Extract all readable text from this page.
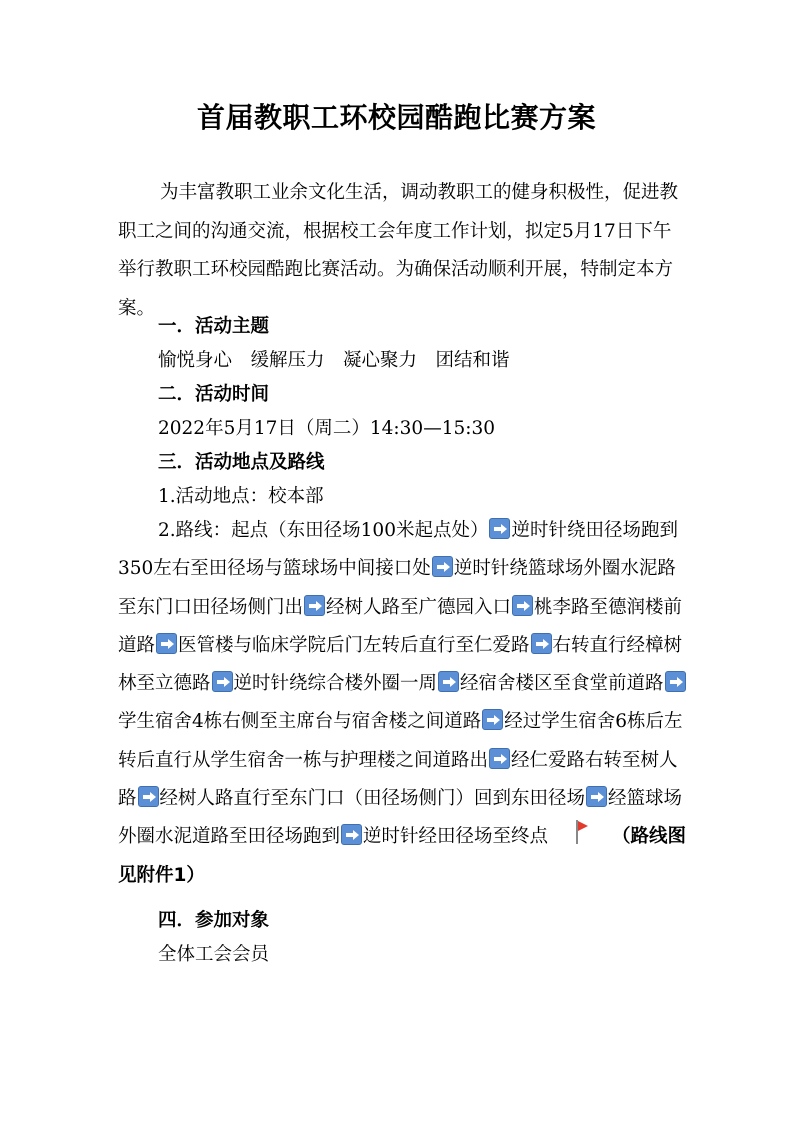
首届教职工环校园酷跑比赛方案

为丰富教职工业余文化生活，调动教职工的健身积极性，促进教职工之间的沟通交流，根据校工会年度工作计划，拟定5月17日下午举行教职工环校园酷跑比赛活动。为确保活动顺利开展，特制定本方案。

一．活动主题
愉悦身心　缓解压力　凝心聚力　团结和谐
二．活动时间
2022年5月17日（周二）14:30—15:30
三．活动地点及路线
1.活动地点：校本部

2.路线：起点（东田径场100米起点处） 逆时针绕田径场跑到350左右至田径场与篮球场中间接口处 逆时针绕篮球场外圈水泥路至东门口田径场侧门出 经树人路至广德园入口 桃李路至德润楼前道路 医管楼与临床学院后门左转后直行至仁爱路 右转直行经樟树林至立德路 逆时针绕综合楼外圈一周 经宿舍楼区至食堂前道路学生宿舍4栋右侧至主席台与宿舍楼之间道路 经过学生宿舍6栋后左转后直行从学生宿舍一栋与护理楼之间道路出 经仁爱路右转至树人路 经树人路直行至东门口（田径场侧门）回到东田径场 经篮球场外圈水泥道路至田径场跑到 逆时针经田径场至终点	（路线图见附件1）

四．参加对象
全体工会会员
